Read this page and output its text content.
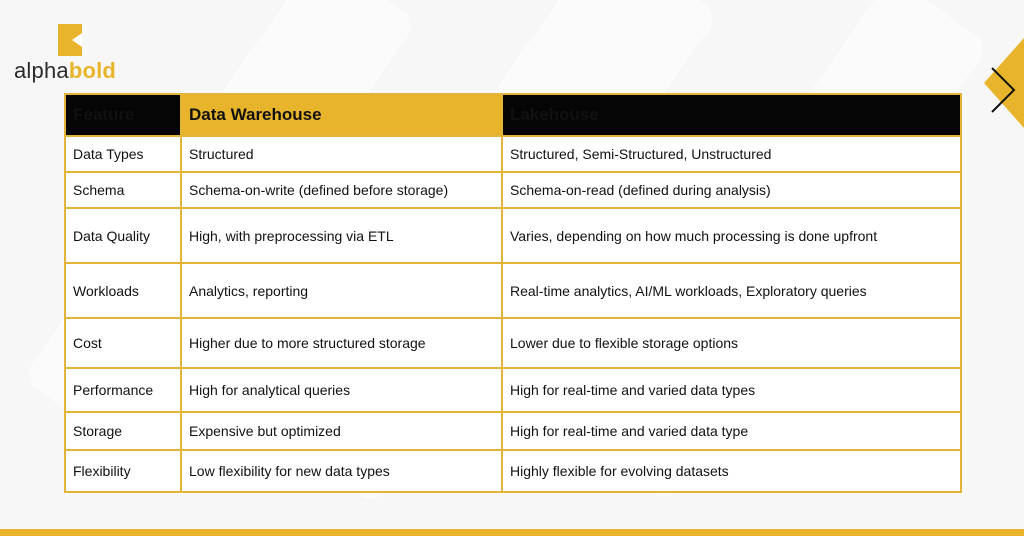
alphabold
Feature	Data Warehouse	Lakehouse
Data Types	Structured	Structured, Semi-Structured, Unstructured
Schema	Schema-on-write (defined before storage)	Schema-on-read (defined during analysis)
Data Quality	High, with preprocessing via ETL	Varies, depending on how much processing is done upfront
Workloads	Analytics, reporting	Real-time analytics, AI/ML workloads, Exploratory queries
Cost	Higher due to more structured storage	Lower due to flexible storage options
Performance	High for analytical queries	High for real-time and varied data types
Storage	Expensive but optimized	High for real-time and varied data type
Flexibility	Low flexibility for new data types	Highly flexible for evolving datasets
